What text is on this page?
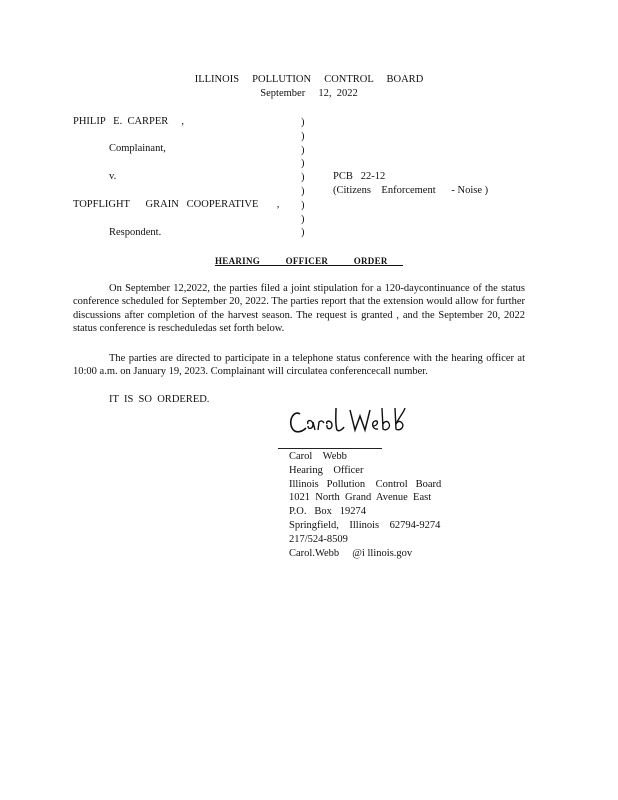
ILLINOIS     POLLUTION     CONTROL     BOARD
September     12,  2022
PHILIP   E.  CARPER     ,
Complainant,
v.
TOPFLIGHT      GRAIN   COOPERATIVE       ,
Respondent.
)
)
)
)
)
)
)
)
)
PCB   22-12
(Citizens    Enforcement      - Noise )
HEARING          OFFICER          ORDER
On September 12,2022, the parties filed a joint stipulation for a 120-daycontinuance of the status conference scheduled for September 20, 2022. The parties report that the extension would allow for further discussions after completion of the harvest season. The request is granted , and the September 20, 2022 status conference is rescheduledas set forth below.
The parties are directed to participate in a telephone status conference with the hearing officer at 10:00 a.m. on January 19, 2023. Complainant will circulatea conferencecall number.
IT  IS  SO  ORDERED.
Carol    Webb
Hearing    Officer
Illinois   Pollution    Control   Board
1021  North  Grand  Avenue  East
P.O.   Box   19274
Springfield,    Illinois    62794-9274
217/524-8509
Carol.Webb     @i llinois.gov
